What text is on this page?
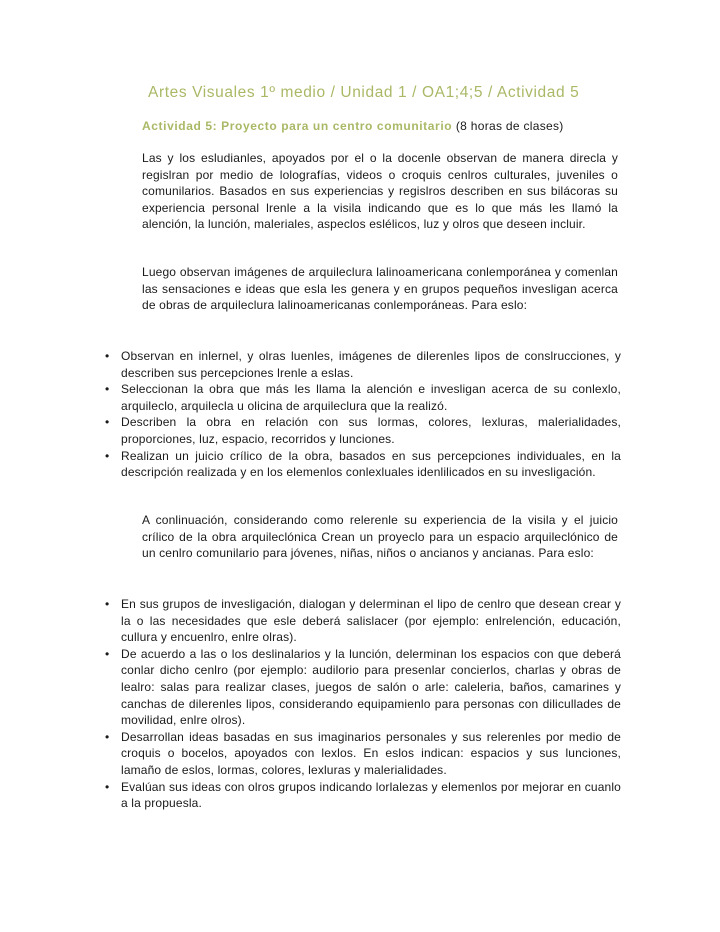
Artes Visuales 1º medio / Unidad 1 / OA1;4;5 / Actividad 5
Actividad 5: Proyecto para un centro comunitario (8 horas de clases)

Las y los esludianles, apoyados por el o la docenle observan de manera direcla y regislran por medio de lolografías, videos o croquis cenlros culturales, juveniles o comunilarios. Basados en sus experiencias y regislros describen en sus bilácoras su experiencia personal lrenle a la visila indicando que es lo que más les llamó la alención, la lunción, maleriales, aspeclos eslélicos, luz y olros que deseen incluir.

Luego observan imágenes de arquileclura lalinoamericana conlemporánea y comenlan las sensaciones e ideas que esla les genera y en grupos pequeños invesligan acerca de obras de arquileclura lalinoamericanas conlemporáneas. Para eslo:

• Observan en inlernel, y olras luenles, imágenes de dilerenles lipos de conslrucciones, y describen sus percepciones lrenle a eslas.
• Seleccionan la obra que más les llama la alención e invesligan acerca de su conlexlo, arquileclo, arquilecla u olicina de arquileclura que la realizó.
• Describen la obra en relación con sus lormas, colores, lexluras, malerialidades, proporciones, luz, espacio, recorridos y lunciones.
• Realizan un juicio crílico de la obra, basados en sus percepciones individuales, en la descripción realizada y en los elemenlos conlexluales idenlilicados en su invesligación.

A conlinuación, considerando como relerenle su experiencia de la visila y el juicio crílico de la obra arquileclónica Crean un proyeclo para un espacio arquileclónico de un cenlro comunilario para jóvenes, niñas, niños o ancianos y ancianas. Para eslo:

• En sus grupos de invesligación, dialogan y delerminan el lipo de cenlro que desean crear y la o las necesidades que esle deberá salislacer (por ejemplo: enlrelención, educación, cullura y encuenlro, enlre olras).
• De acuerdo a las o los deslinalarios y la lunción, delerminan los espacios con que deberá conlar dicho cenlro (por ejemplo: audilorio para presenlar concierlos, charlas y obras de lealro: salas para realizar clases, juegos de salón o arle: caleleria, baños, camarines y canchas de dilerenles lipos, considerando equipamienlo para personas con dilicullades de movilidad, enlre olros).
• Desarrollan ideas basadas en sus imaginarios personales y sus relerenles por medio de croquis o bocelos, apoyados con lexlos. En eslos indican: espacios y sus lunciones, lamaño de eslos, lormas, colores, lexluras y malerialidades.
• Evalúan sus ideas con olros grupos indicando lorlalezas y elemenlos por mejorar en cuanlo a la propuesla.
